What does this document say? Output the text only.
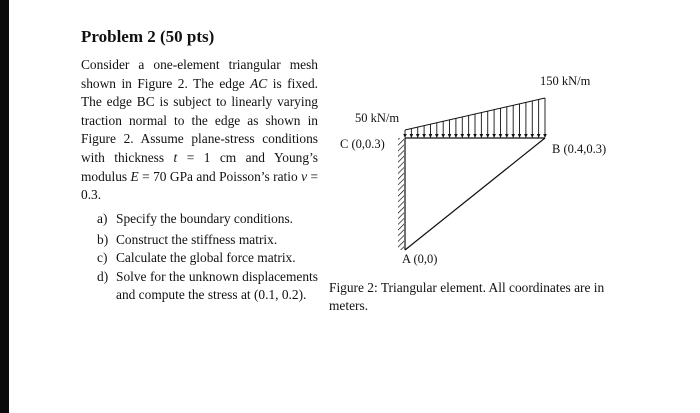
Problem 2 (50 pts)
Consider a one-element triangular mesh shown in Figure 2. The edge AC is fixed. The edge BC is subject to linearly varying traction normal to the edge as shown in Figure 2. Assume plane-stress conditions with thickness t = 1 cm and Young’s modulus E = 70 GPa and Poisson’s ratio ν = 0.3.
a) Specify the boundary conditions.
b) Construct the stiffness matrix.
c) Calculate the global force matrix.
d) Solve for the unknown displacements and compute the stress at (0.1, 0.2).
50 kN/m
150 kN/m
C (0,0.3)	B (0.4,0.3)
A (0,0)
Figure 2: Triangular element. All coordinates are in meters.
